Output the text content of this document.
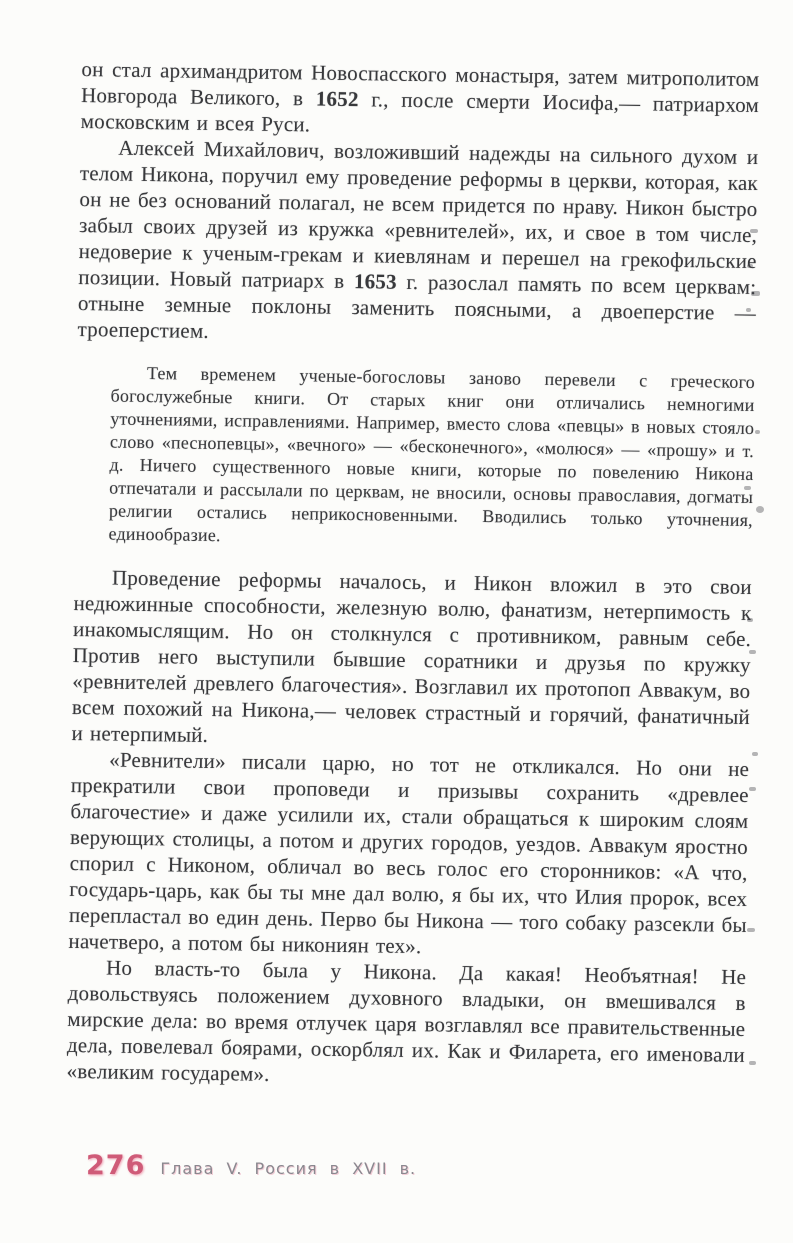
он стал архимандритом Новоспасского монастыря, затем митрополитом Новгорода Великого, в 1652 г., после смерти Иосифа,— патриархом московским и всея Руси.

Алексей Михайлович, возложивший надежды на сильного духом и телом Никона, поручил ему проведение реформы в церкви, которая, как он не без оснований полагал, не всем придется по нраву. Никон быстро забыл своих друзей из кружка «ревнителей», их, и свое в том числе, недоверие к ученым-грекам и киевлянам и перешел на грекофильские позиции. Новый патриарх в 1653 г. разослал память по всем церквам: отныне земные поклоны заменить поясными, а двоеперстие — троеперстием.

Тем временем ученые-богословы заново перевели с греческого богослужебные книги. От старых книг они отличались немногими уточнениями, исправлениями. Например, вместо слова «певцы» в новых стояло слово «песнопевцы», «вечного» — «бесконечного», «молюся» — «прошу» и т. д. Ничего существенного новые книги, которые по повелению Никона отпечатали и рассылали по церквам, не вносили, основы православия, догматы религии остались неприкосновенными. Вводились только уточнения, единообразие.

Проведение реформы началось, и Никон вложил в это свои недюжинные способности, железную волю, фанатизм, нетерпимость к инакомыслящим. Но он столкнулся с противником, равным себе. Против него выступили бывшие соратники и друзья по кружку «ревнителей древлего благочестия». Возглавил их протопоп Аввакум, во всем похожий на Никона,— человек страстный и горячий, фанатичный и нетерпимый.

«Ревнители» писали царю, но тот не откликался. Но они не прекратили свои проповеди и призывы сохранить «древлее благочестие» и даже усилили их, стали обращаться к широким слоям верующих столицы, а потом и других городов, уездов. Аввакум яростно спорил с Никоном, обличал во весь голос его сторонников: «А что, государь-царь, как бы ты мне дал волю, я бы их, что Илия пророк, всех перепластал во един день. Перво бы Никона — того собаку разсекли бы начетверо, а потом бы никониян тех».

Но власть-то была у Никона. Да какая! Необъятная! Не довольствуясь положением духовного владыки, он вмешивался в мирские дела: во время отлучек царя возглавлял все правительственные дела, повелевал боярами, оскорблял их. Как и Филарета, его именовали «великим государем».

276 Глава V. Россия в XVII в.
